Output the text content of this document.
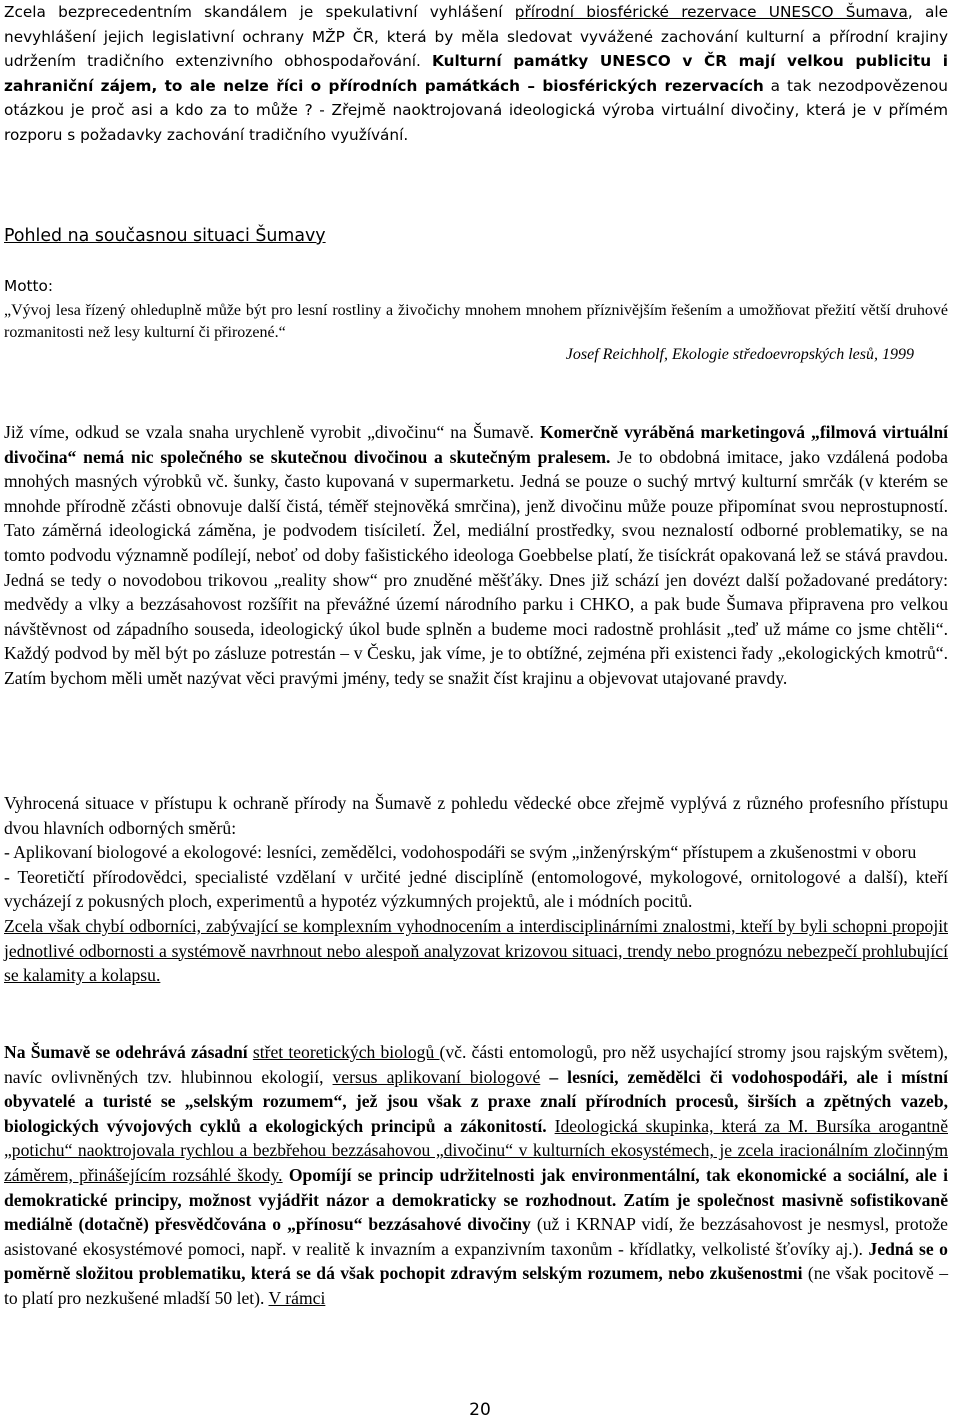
Zcela bezprecedentním skandálem je spekulativní vyhlášení přírodní biosférické rezervace UNESCO Šumava, ale nevyhlášení jejich legislativní ochrany MŽP ČR, která by měla sledovat vyvážené zachování kulturní a přírodní krajiny udržením tradičního extenzivního obhospodařování. Kulturní památky UNESCO v ČR mají velkou publicitu i zahraniční zájem, to ale nelze říci o přírodních památkách – biosférických rezervacích a tak nezodpovězenou otázkou je proč asi a kdo za to může ? - Zřejmě naoktrojovaná ideologická výroba virtuální divočiny, která je v přímém rozporu s požadavky zachování tradičního využívání.

Pohled na současnou situaci Šumavy
Motto:

„Vývoj lesa řízený ohleduplně může být pro lesní rostliny a živočichy mnohem mnohem příznivějším řešením a umožňovat přežití větší druhové rozmanitosti než lesy kulturní či přirozené.“

Josef Reichholf, Ekologie středoevropských lesů, 1999

Již víme, odkud se vzala snaha urychleně vyrobit „divočinu“ na Šumavě. Komerčně vyráběná marketingová „filmová virtuální divočina“ nemá nic společného se skutečnou divočinou a skutečným pralesem. Je to obdobná imitace, jako vzdálená podoba mnohých masných výrobků vč. šunky, často kupovaná v supermarketu. Jedná se pouze o suchý mrtvý kulturní smrčák (v kterém se mnohde přírodně zčásti obnovuje další čistá, téměř stejnověká smrčina), jenž divočinu může pouze připomínat svou neprostupností. Tato záměrná ideologická záměna, je podvodem tisíciletí. Žel, mediální prostředky, svou neznalostí odborné problematiky, se na tomto podvodu významně podílejí, neboť od doby fašistického ideologa Goebbelse platí, že tisíckrát opakovaná lež se stává pravdou. Jedná se tedy o novodobou trikovou „reality show“ pro znuděné měšťáky. Dnes již schází jen dovézt další požadované predátory: medvědy a vlky a bezzásahovost rozšířit na převážné území národního parku i CHKO, a pak bude Šumava připravena pro velkou návštěvnost od západního souseda, ideologický úkol bude splněn a budeme moci radostně prohlásit „teď už máme co jsme chtěli“. Každý podvod by měl být po zásluze potrestán – v Česku, jak víme, je to obtížné, zejména při existenci řady „ekologických kmotrů“. Zatím bychom měli umět nazývat věci pravými jmény, tedy se snažit číst krajinu a objevovat utajované pravdy.

Vyhrocená situace v přístupu k ochraně přírody na Šumavě z pohledu vědecké obce zřejmě vyplývá z různého profesního přístupu dvou hlavních odborných směrů:

- Aplikovaní biologové a ekologové: lesníci, zemědělci, vodohospodáři se svým „inženýrským“ přístupem a zkušenostmi v oboru

- Teoretičtí přírodovědci, specialisté vzdělaní v určité jedné disciplíně (entomologové, mykologové, ornitologové a další), kteří vycházejí z pokusných ploch, experimentů a hypotéz výzkumných projektů, ale i módních pocitů.

Zcela však chybí odborníci, zabývající se komplexním vyhodnocením a interdisciplinárními znalostmi, kteří by byli schopni propojit jednotlivé odbornosti a systémově navrhnout nebo alespoň analyzovat krizovou situaci, trendy nebo prognózu nebezpečí prohlubující se kalamity a kolapsu.

Na Šumavě se odehrává zásadní střet teoretických biologů (vč. části entomologů, pro něž usychající stromy jsou rajským světem), navíc ovlivněných tzv. hlubinnou ekologií, versus aplikovaní biologové – lesníci, zemědělci či vodohospodáři, ale i místní obyvatelé a turisté se „selským rozumem“, jež jsou však z praxe znalí přírodních procesů, širších a zpětných vazeb, biologických vývojových cyklů a ekologických principů a zákonitostí. Ideologická skupinka, která za M. Bursíka arogantně „potichu“ naoktrojovala rychlou a bezbřehou bezzásahovou „divočinu“ v kulturních ekosystémech, je zcela iracionálním zločinným záměrem, přinášejícím rozsáhlé škody. Opomíjí se princip udržitelnosti jak environmentální, tak ekonomické a sociální, ale i demokratické principy, možnost vyjádřit názor a demokraticky se rozhodnout. Zatím je společnost masivně sofistikovaně mediálně (dotačně) přesvědčována o „přínosu“ bezzásahové divočiny (už i KRNAP vidí, že bezzásahovost je nesmysl, protože asistované ekosystémové pomoci, např. v realitě k invazním a expanzivním taxonům - křídlatky, velkolisté šťovíky aj.). Jedná se o poměrně složitou problematiku, která se dá však pochopit zdravým selským rozumem, nebo zkušenostmi (ne však pocitově – to platí pro nezkušené mladší 50 let). V rámci

20
